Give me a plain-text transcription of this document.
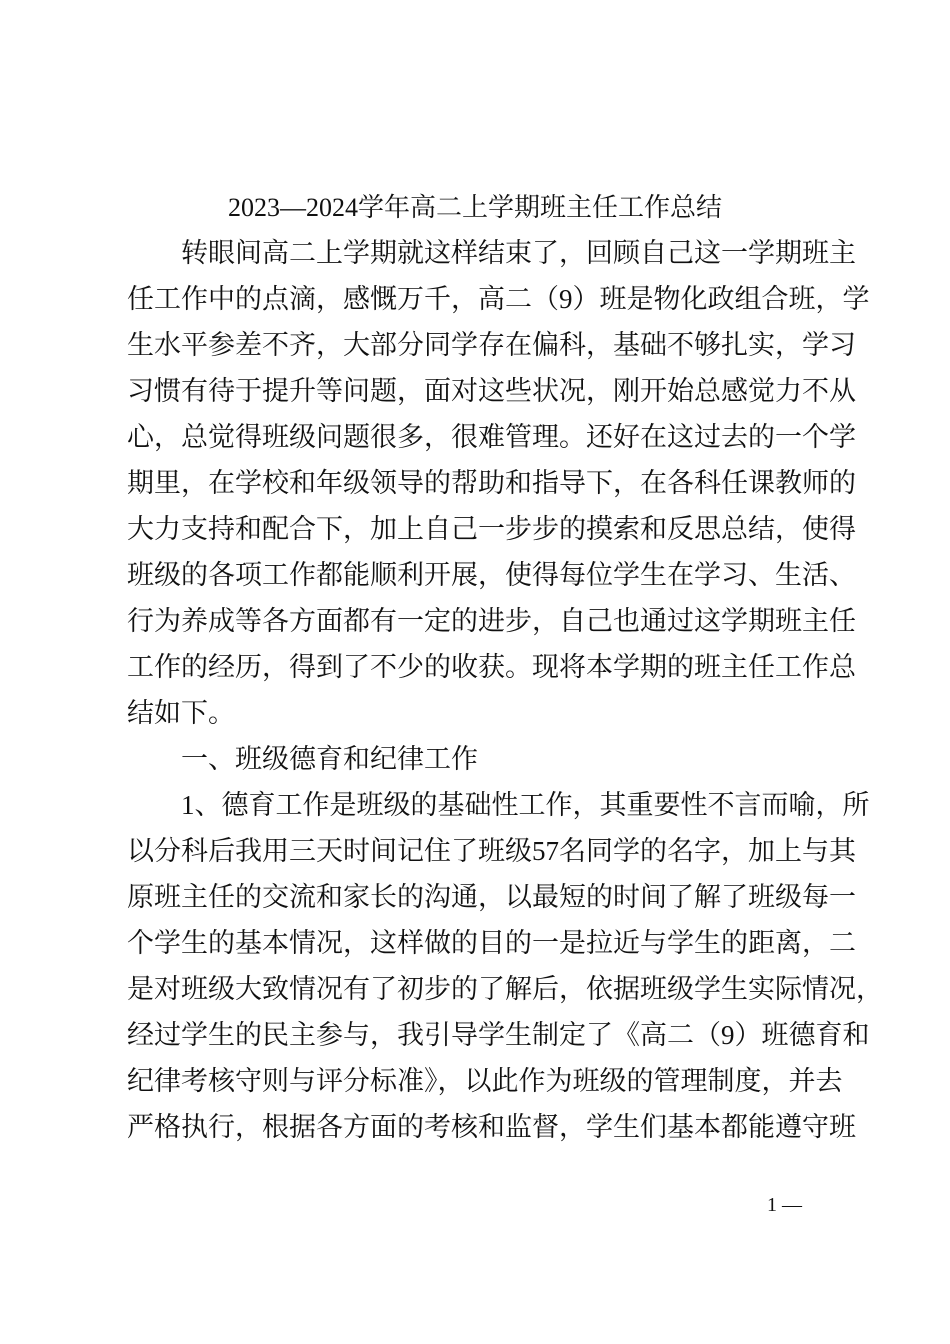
2023—2024学年高二上学期班主任工作总结
转眼间高二上学期就这样结束了，回顾自己这一学期班主
任工作中的点滴，感慨万千，高二（9）班是物化政组合班，学
生水平参差不齐，大部分同学存在偏科，基础不够扎实，学习
习惯有待于提升等问题，面对这些状况，刚开始总感觉力不从
心，总觉得班级问题很多，很难管理。还好在这过去的一个学
期里，在学校和年级领导的帮助和指导下，在各科任课教师的
大力支持和配合下，加上自己一步步的摸索和反思总结，使得
班级的各项工作都能顺利开展，使得每位学生在学习、生活、
行为养成等各方面都有一定的进步，自己也通过这学期班主任
工作的经历，得到了不少的收获。现将本学期的班主任工作总
结如下。
一、班级德育和纪律工作
1、德育工作是班级的基础性工作，其重要性不言而喻，所
以分科后我用三天时间记住了班级57名同学的名字，加上与其
原班主任的交流和家长的沟通，以最短的时间了解了班级每一
个学生的基本情况，这样做的目的一是拉近与学生的距离，二
是对班级大致情况有了初步的了解后，依据班级学生实际情况，
经过学生的民主参与，我引导学生制定了《高二（9）班德育和
纪律考核守则与评分标准》，以此作为班级的管理制度，并去
严格执行，根据各方面的考核和监督，学生们基本都能遵守班
1 —
